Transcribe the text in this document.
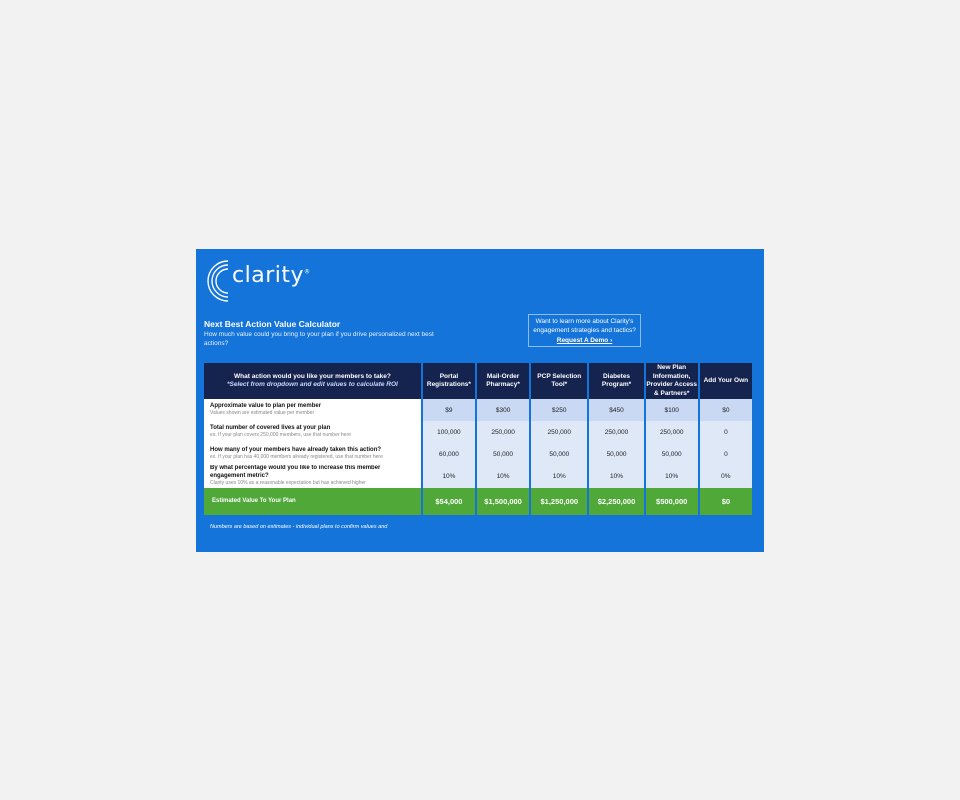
clarity®
Next Best Action Value Calculator
How much value could you bring to your plan if you drive personalized next best actions?
Want to learn more about Clarity's engagement strategies and tactics?
Request A Demo ›
What action would you like your members to take?
*Select from dropdown and edit values to calculate ROI	Portal Registrations*	Mail-Order Pharmacy*	PCP Selection Tool*	Diabetes Program*	New Plan Information, Provider Access & Partners*	Add Your Own

Approximate value to plan per member
Values shown are estimated value per member	$9	$300	$250	$450	$100	$0

Total number of covered lives at your plan
ex. If your plan covers 250,000 members, use that number here	100,000	250,000	250,000	250,000	250,000	0

How many of your members have already taken this action?
ex. If your plan has 40,000 members already registered, use that number here	60,000	50,000	50,000	50,000	50,000	0

By what percentage would you like to increase this member engagement metric?
Clarity uses 10% as a reasonable expectation but has achieved higher	10%	10%	10%	10%	10%	0%
Estimated Value To Your Plan	$54,000	$1,500,000	$1,250,000	$2,250,000	$500,000	$0
Numbers are based on estimates - individual plans to confirm values and
